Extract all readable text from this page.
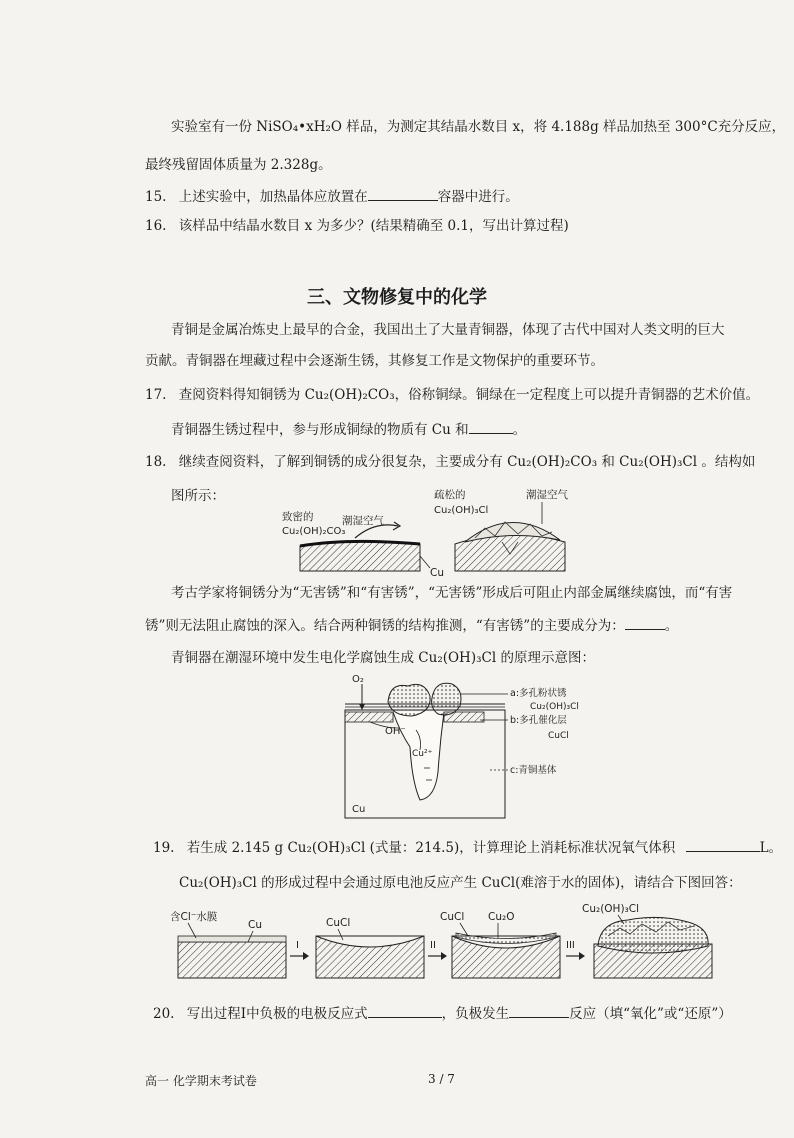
实验室有一份 NiSO₄•xH₂O 样品，为测定其结晶水数目 x，将 4.188g 样品加热至 300°C充分反应，
最终残留固体质量为 2.328g。
15. 上述实验中，加热晶体应放置在	容器中进行。
16. 该样品中结晶水数目 x 为多少？(结果精确至 0.1，写出计算过程)
三、文物修复中的化学
青铜是金属冶炼史上最早的合金，我国出土了大量青铜器，体现了古代中国对人类文明的巨大
贡献。青铜器在埋藏过程中会逐渐生锈，其修复工作是文物保护的重要环节。
17. 查阅资料得知铜锈为 Cu₂(OH)₂CO₃，俗称铜绿。铜绿在一定程度上可以提升青铜器的艺术价值。
青铜器生锈过程中，参与形成铜绿的物质有 Cu 和	。
18. 继续查阅资料，了解到铜锈的成分很复杂，主要成分有 Cu₂(OH)₂CO₃ 和 Cu₂(OH)₃Cl 。结构如
图所示：
致密的
Cu₂(OH)₂CO₃
潮湿空气
Cu
疏松的
Cu₂(OH)₃Cl
潮湿空气
考古学家将铜锈分为“无害锈”和“有害锈”，“无害锈”形成后可阻止内部金属继续腐蚀，而“有害
锈”则无法阻止腐蚀的深入。结合两种铜锈的结构推测，“有害锈”的主要成分为：	。
青铜器在潮湿环境中发生电化学腐蚀生成 Cu₂(OH)₃Cl 的原理示意图：
O₂
OH⁻
Cu²⁺
Cu
a:多孔粉状锈
Cu₂(OH)₃Cl
b:多孔催化层
CuCl
c:青铜基体
19. 若生成 2.145 g Cu₂(OH)₃Cl (式量：214.5)，计算理论上消耗标准状况氧气体积	L。
Cu₂(OH)₃Cl 的形成过程中会通过原电池反应产生 CuCl(难溶于水的固体)，请结合下图回答：
含Cl⁻水膜
Cu
I
CuCl
II
CuCl Cu₂O
III
Cu₂(OH)₃Cl
20. 写出过程I中负极的电极反应式	，负极发生	反应（填“氧化”或“还原”）
高一 化学期末考试卷	3 / 7
